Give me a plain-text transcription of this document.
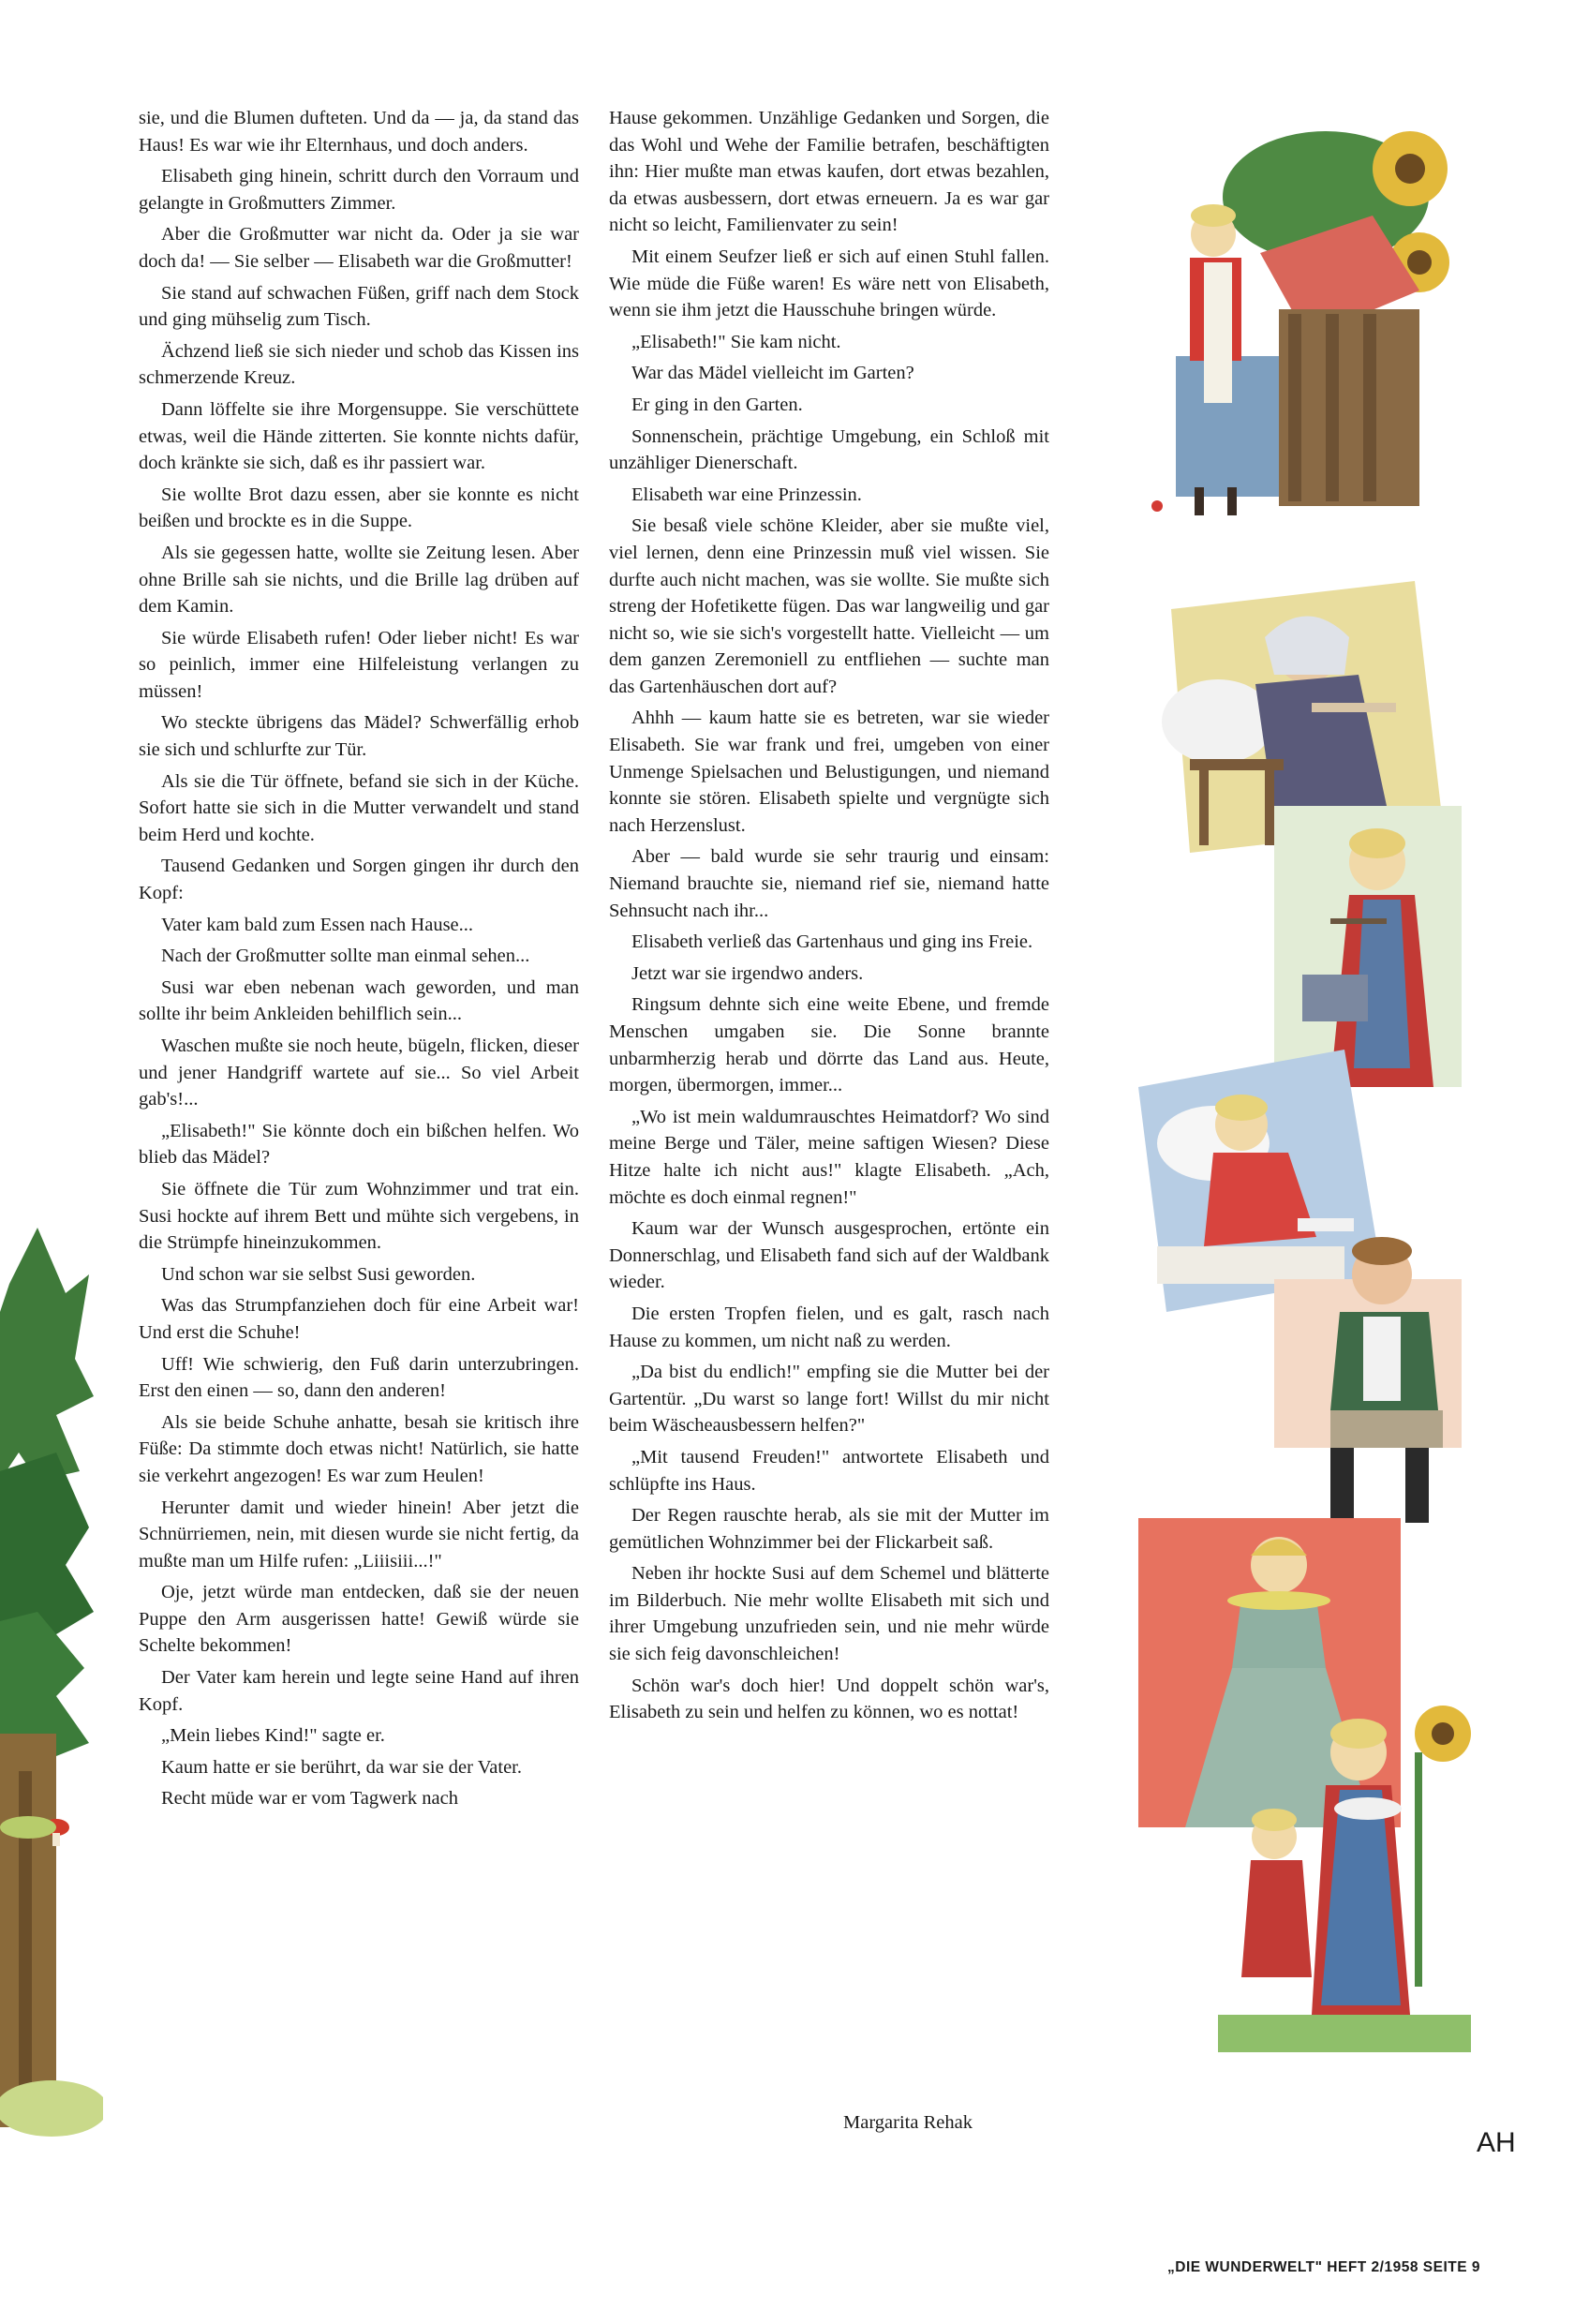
sie, und die Blumen dufteten. Und da — ja, da stand das Haus! Es war wie ihr Elternhaus, und doch anders.

Elisabeth ging hinein, schritt durch den Vorraum und gelangte in Großmutters Zimmer.

Aber die Großmutter war nicht da. Oder ja sie war doch da! — Sie selber — Elisabeth war die Großmutter!

Sie stand auf schwachen Füßen, griff nach dem Stock und ging mühselig zum Tisch.

Ächzend ließ sie sich nieder und schob das Kissen ins schmerzende Kreuz.

Dann löffelte sie ihre Morgensuppe. Sie verschüttete etwas, weil die Hände zitterten. Sie konnte nichts dafür, doch kränkte sie sich, daß es ihr passiert war.

Sie wollte Brot dazu essen, aber sie konnte es nicht beißen und brockte es in die Suppe.

Als sie gegessen hatte, wollte sie Zeitung lesen. Aber ohne Brille sah sie nichts, und die Brille lag drüben auf dem Kamin.

Sie würde Elisabeth rufen! Oder lieber nicht! Es war so peinlich, immer eine Hilfeleistung verlangen zu müssen!

Wo steckte übrigens das Mädel? Schwerfällig erhob sie sich und schlurfte zur Tür.

Als sie die Tür öffnete, befand sie sich in der Küche. Sofort hatte sie sich in die Mutter verwandelt und stand beim Herd und kochte.

Tausend Gedanken und Sorgen gingen ihr durch den Kopf:

Vater kam bald zum Essen nach Hause...

Nach der Großmutter sollte man einmal sehen...

Susi war eben nebenan wach geworden, und man sollte ihr beim Ankleiden behilflich sein...

Waschen mußte sie noch heute, bügeln, flicken, dieser und jener Handgriff wartete auf sie... So viel Arbeit gab's!...

„Elisabeth!" Sie könnte doch ein bißchen helfen. Wo blieb das Mädel?

Sie öffnete die Tür zum Wohnzimmer und trat ein. Susi hockte auf ihrem Bett und mühte sich vergebens, in die Strümpfe hineinzukommen.

Und schon war sie selbst Susi geworden.

Was das Strumpfanziehen doch für eine Arbeit war! Und erst die Schuhe!

Uff! Wie schwierig, den Fuß darin unterzubringen. Erst den einen — so, dann den anderen!

Als sie beide Schuhe anhatte, besah sie kritisch ihre Füße: Da stimmte doch etwas nicht! Natürlich, sie hatte sie verkehrt angezogen! Es war zum Heulen!

Herunter damit und wieder hinein! Aber jetzt die Schnürriemen, nein, mit diesen wurde sie nicht fertig, da mußte man um Hilfe rufen: „Liiisiii...!"

Oje, jetzt würde man entdecken, daß sie der neuen Puppe den Arm ausgerissen hatte! Gewiß würde sie Schelte bekommen!

Der Vater kam herein und legte seine Hand auf ihren Kopf.

„Mein liebes Kind!" sagte er.

Kaum hatte er sie berührt, da war sie der Vater.

Recht müde war er vom Tagwerk nach

Hause gekommen. Unzählige Gedanken und Sorgen, die das Wohl und Wehe der Familie betrafen, beschäftigten ihn: Hier mußte man etwas kaufen, dort etwas bezahlen, da etwas ausbessern, dort etwas erneuern. Ja es war gar nicht so leicht, Familienvater zu sein!

Mit einem Seufzer ließ er sich auf einen Stuhl fallen. Wie müde die Füße waren! Es wäre nett von Elisabeth, wenn sie ihm jetzt die Hausschuhe bringen würde.

„Elisabeth!" Sie kam nicht.

War das Mädel vielleicht im Garten?

Er ging in den Garten.

Sonnenschein, prächtige Umgebung, ein Schloß mit unzähliger Dienerschaft.

Elisabeth war eine Prinzessin.

Sie besaß viele schöne Kleider, aber sie mußte viel, viel lernen, denn eine Prinzessin muß viel wissen. Sie durfte auch nicht machen, was sie wollte. Sie mußte sich streng der Hofetikette fügen. Das war langweilig und gar nicht so, wie sie sich's vorgestellt hatte. Vielleicht — um dem ganzen Zeremoniell zu entfliehen — suchte man das Gartenhäuschen dort auf?

Ahhh — kaum hatte sie es betreten, war sie wieder Elisabeth. Sie war frank und frei, umgeben von einer Unmenge Spielsachen und Belustigungen, und niemand konnte sie stören. Elisabeth spielte und vergnügte sich nach Herzenslust.

Aber — bald wurde sie sehr traurig und einsam: Niemand brauchte sie, niemand rief sie, niemand hatte Sehnsucht nach ihr...

Elisabeth verließ das Gartenhaus und ging ins Freie.

Jetzt war sie irgendwo anders.

Ringsum dehnte sich eine weite Ebene, und fremde Menschen umgaben sie. Die Sonne brannte unbarmherzig herab und dörrte das Land aus. Heute, morgen, übermorgen, immer...

„Wo ist mein waldumrauschtes Heimatdorf? Wo sind meine Berge und Täler, meine saftigen Wiesen? Diese Hitze halte ich nicht aus!" klagte Elisabeth. „Ach, möchte es doch einmal regnen!"

Kaum war der Wunsch ausgesprochen, ertönte ein Donnerschlag, und Elisabeth fand sich auf der Waldbank wieder.

Die ersten Tropfen fielen, und es galt, rasch nach Hause zu kommen, um nicht naß zu werden.

„Da bist du endlich!" empfing sie die Mutter bei der Gartentür. „Du warst so lange fort! Willst du mir nicht beim Wäscheausbessern helfen?"

„Mit tausend Freuden!" antwortete Elisabeth und schlüpfte ins Haus.

Der Regen rauschte herab, als sie mit der Mutter im gemütlichen Wohnzimmer bei der Flickarbeit saß.

Neben ihr hockte Susi auf dem Schemel und blätterte im Bilderbuch. Nie mehr wollte Elisabeth mit sich und ihrer Umgebung unzufrieden sein, und nie mehr würde sie sich feig davonschleichen!

Schön war's doch hier! Und doppelt schön war's, Elisabeth zu sein und helfen zu können, wo es nottat!

Margarita Rehak
AH
„DIE WUNDERWELT" HEFT 2/1958 SEITE 9
